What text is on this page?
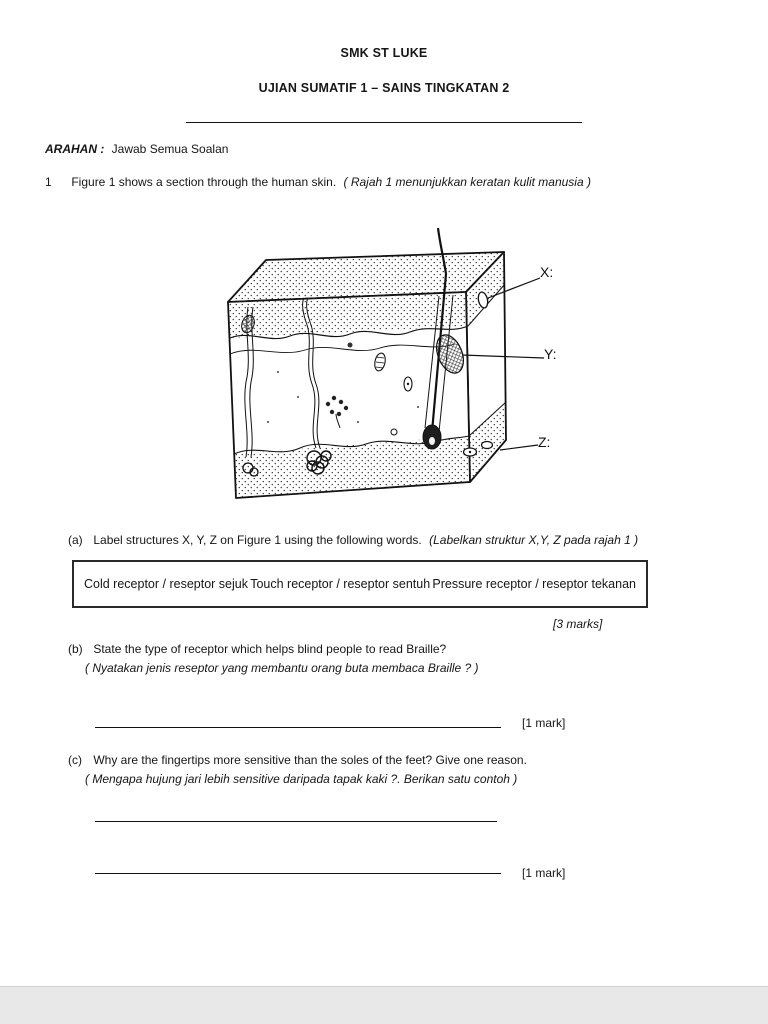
SMK ST LUKE
UJIAN SUMATIF 1 – SAINS TINGKATAN 2
ARAHAN : Jawab Semua Soalan
1 Figure 1 shows a section through the human skin. ( Rajah 1 menunjukkan keratan kulit manusia )
X:
Y:
Z:
(a) Label structures X, Y, Z on Figure 1 using the following words. (Labelkan struktur X,Y, Z pada rajah 1 )
Cold receptor / reseptor sejuk Touch receptor / reseptor sentuh Pressure receptor / reseptor tekanan
[3 marks]
(b) State the type of receptor which helps blind people to read Braille?
( Nyatakan jenis reseptor yang membantu orang buta membaca Braille ? )
[1 mark]
(c) Why are the fingertips more sensitive than the soles of the feet? Give one reason.
( Mengapa hujung jari lebih sensitive daripada tapak kaki ?. Berikan satu contoh )
[1 mark]
